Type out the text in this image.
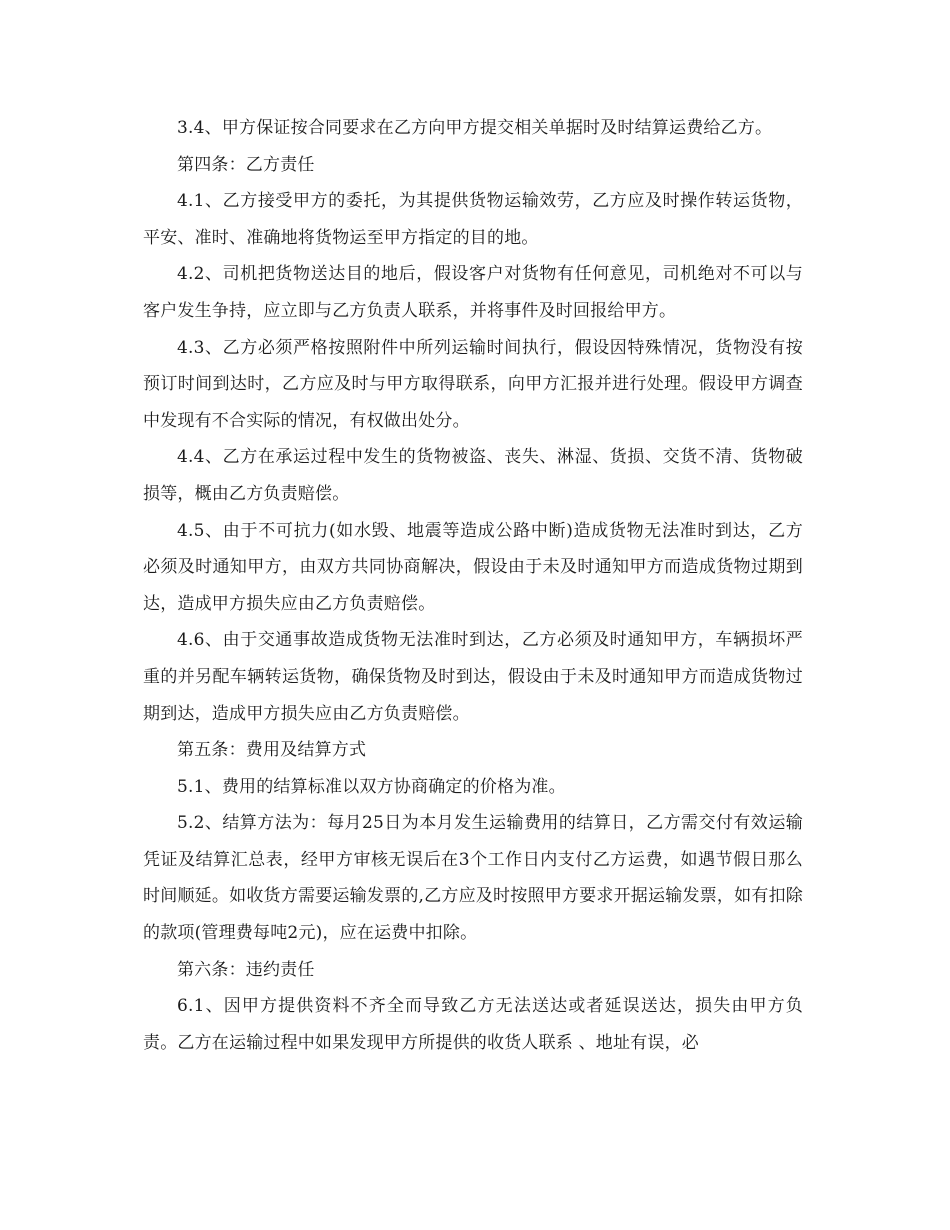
3.4、甲方保证按合同要求在乙方向甲方提交相关单据时及时结算运费给乙方。

第四条：乙方责任

4.1、乙方接受甲方的委托，为其提供货物运输效劳，乙方应及时操作转运货物，平安、准时、准确地将货物运至甲方指定的目的地。

4.2、司机把货物送达目的地后，假设客户对货物有任何意见，司机绝对不可以与客户发生争持，应立即与乙方负责人联系，并将事件及时回报给甲方。

4.3、乙方必须严格按照附件中所列运输时间执行，假设因特殊情况，货物没有按预订时间到达时，乙方应及时与甲方取得联系，向甲方汇报并进行处理。假设甲方调查中发现有不合实际的情况，有权做出处分。

4.4、乙方在承运过程中发生的货物被盗、丧失、淋湿、货损、交货不清、货物破损等，概由乙方负责赔偿。

4.5、由于不可抗力(如水毁、地震等造成公路中断)造成货物无法准时到达，乙方必须及时通知甲方，由双方共同协商解决，假设由于未及时通知甲方而造成货物过期到达，造成甲方损失应由乙方负责赔偿。

4.6、由于交通事故造成货物无法准时到达，乙方必须及时通知甲方，车辆损坏严重的并另配车辆转运货物，确保货物及时到达，假设由于未及时通知甲方而造成货物过期到达，造成甲方损失应由乙方负责赔偿。

第五条：费用及结算方式

5.1、费用的结算标准以双方协商确定的价格为准。

5.2、结算方法为：每月25日为本月发生运输费用的结算日，乙方需交付有效运输凭证及结算汇总表，经甲方审核无误后在3个工作日内支付乙方运费，如遇节假日那么时间顺延。如收货方需要运输发票的,乙方应及时按照甲方要求开据运输发票，如有扣除的款项(管理费每吨2元)，应在运费中扣除。

第六条：违约责任

6.1、因甲方提供资料不齐全而导致乙方无法送达或者延误送达，损失由甲方负责。乙方在运输过程中如果发现甲方所提供的收货人联系 、地址有误，必
